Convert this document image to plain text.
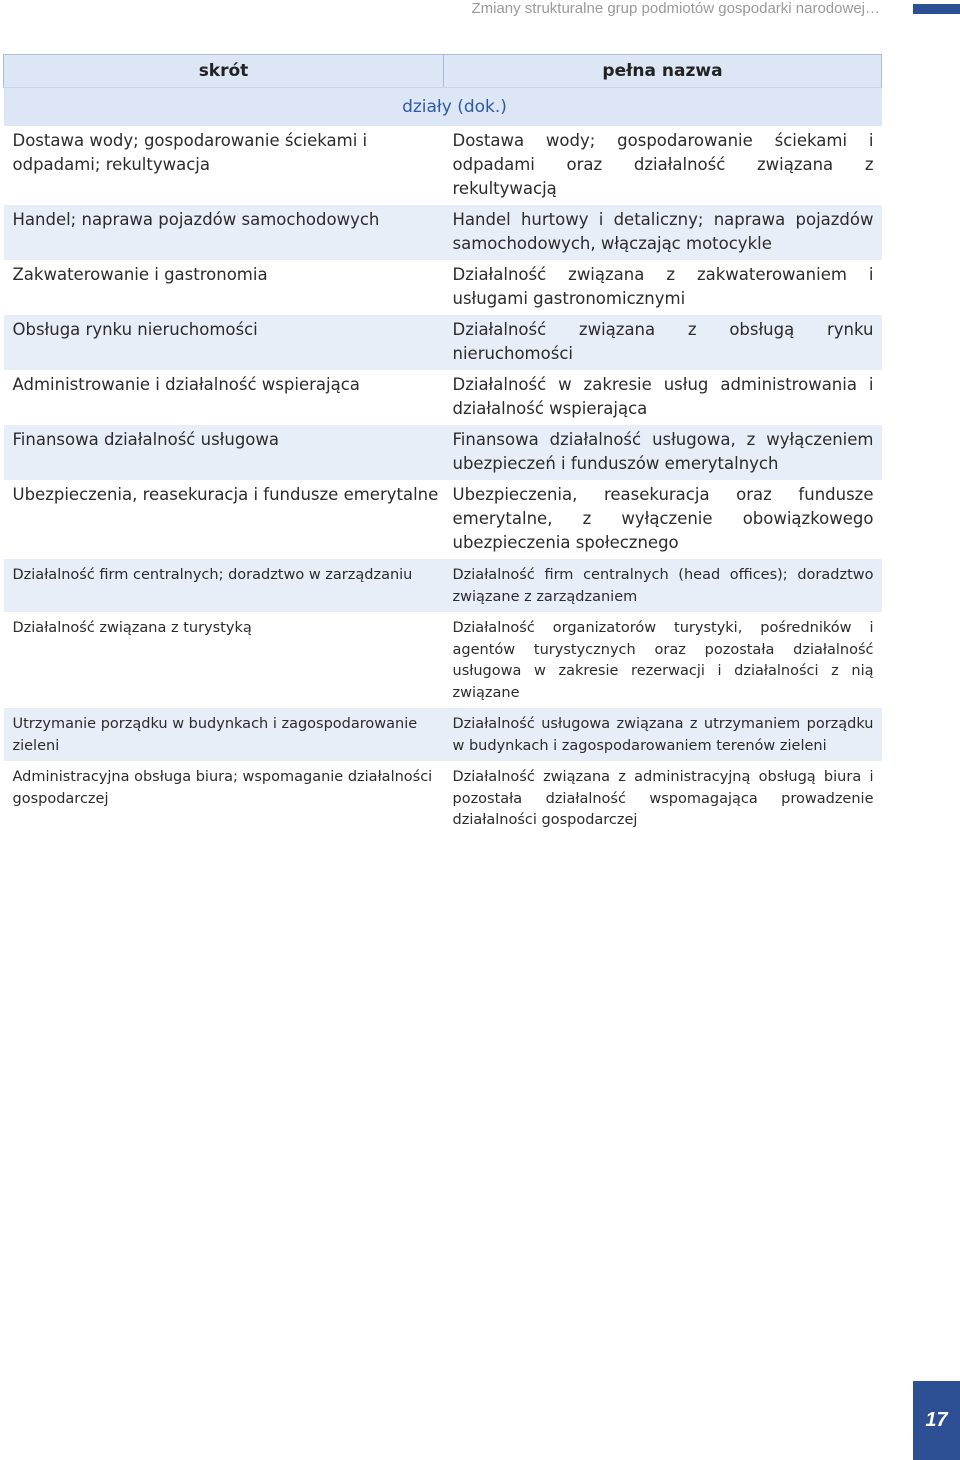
Zmiany strukturalne grup podmiotów gospodarki narodowej…
skrót	pełna nazwa
działy (dok.)	
Dostawa wody; gospodarowanie ściekami i odpadami; rekultywacja	Dostawa wody; gospodarowanie ściekami i odpadami oraz działalność związana z rekultywacją
Handel; naprawa pojazdów samochodowych	Handel hurtowy i detaliczny; naprawa pojazdów samochodowych, włączając motocykle
Zakwaterowanie i gastronomia	Działalność związana z zakwaterowaniem i usługami gastronomicznymi
Obsługa rynku nieruchomości	Działalność związana z obsługą rynku nieruchomości
Administrowanie i działalność wspierająca	Działalność w zakresie usług administrowania i działalność wspierająca
Finansowa działalność usługowa	Finansowa działalność usługowa, z wyłączeniem ubezpieczeń i funduszów emerytalnych
Ubezpieczenia, reasekuracja i fundusze emerytalne	Ubezpieczenia, reasekuracja oraz fundusze emerytalne, z wyłączenie obowiązkowego ubezpieczenia społecznego
Działalność firm centralnych; doradztwo w zarządzaniu	Działalność firm centralnych (head offices); doradztwo związane z zarządzaniem
Działalność związana z turystyką	Działalność organizatorów turystyki, pośredników i agentów turystycznych oraz pozostała działalność usługowa w zakresie rezerwacji i działalności z nią związane
Utrzymanie porządku w budynkach i zagospodarowanie zieleni	Działalność usługowa związana z utrzymaniem porządku w budynkach i zagospodarowaniem terenów zieleni
Administracyjna obsługa biura; wspomaganie działalności gospodarczej	Działalność związana z administracyjną obsługą biura i pozostała działalność wspomagająca prowadzenie działalności gospodarczej
17
